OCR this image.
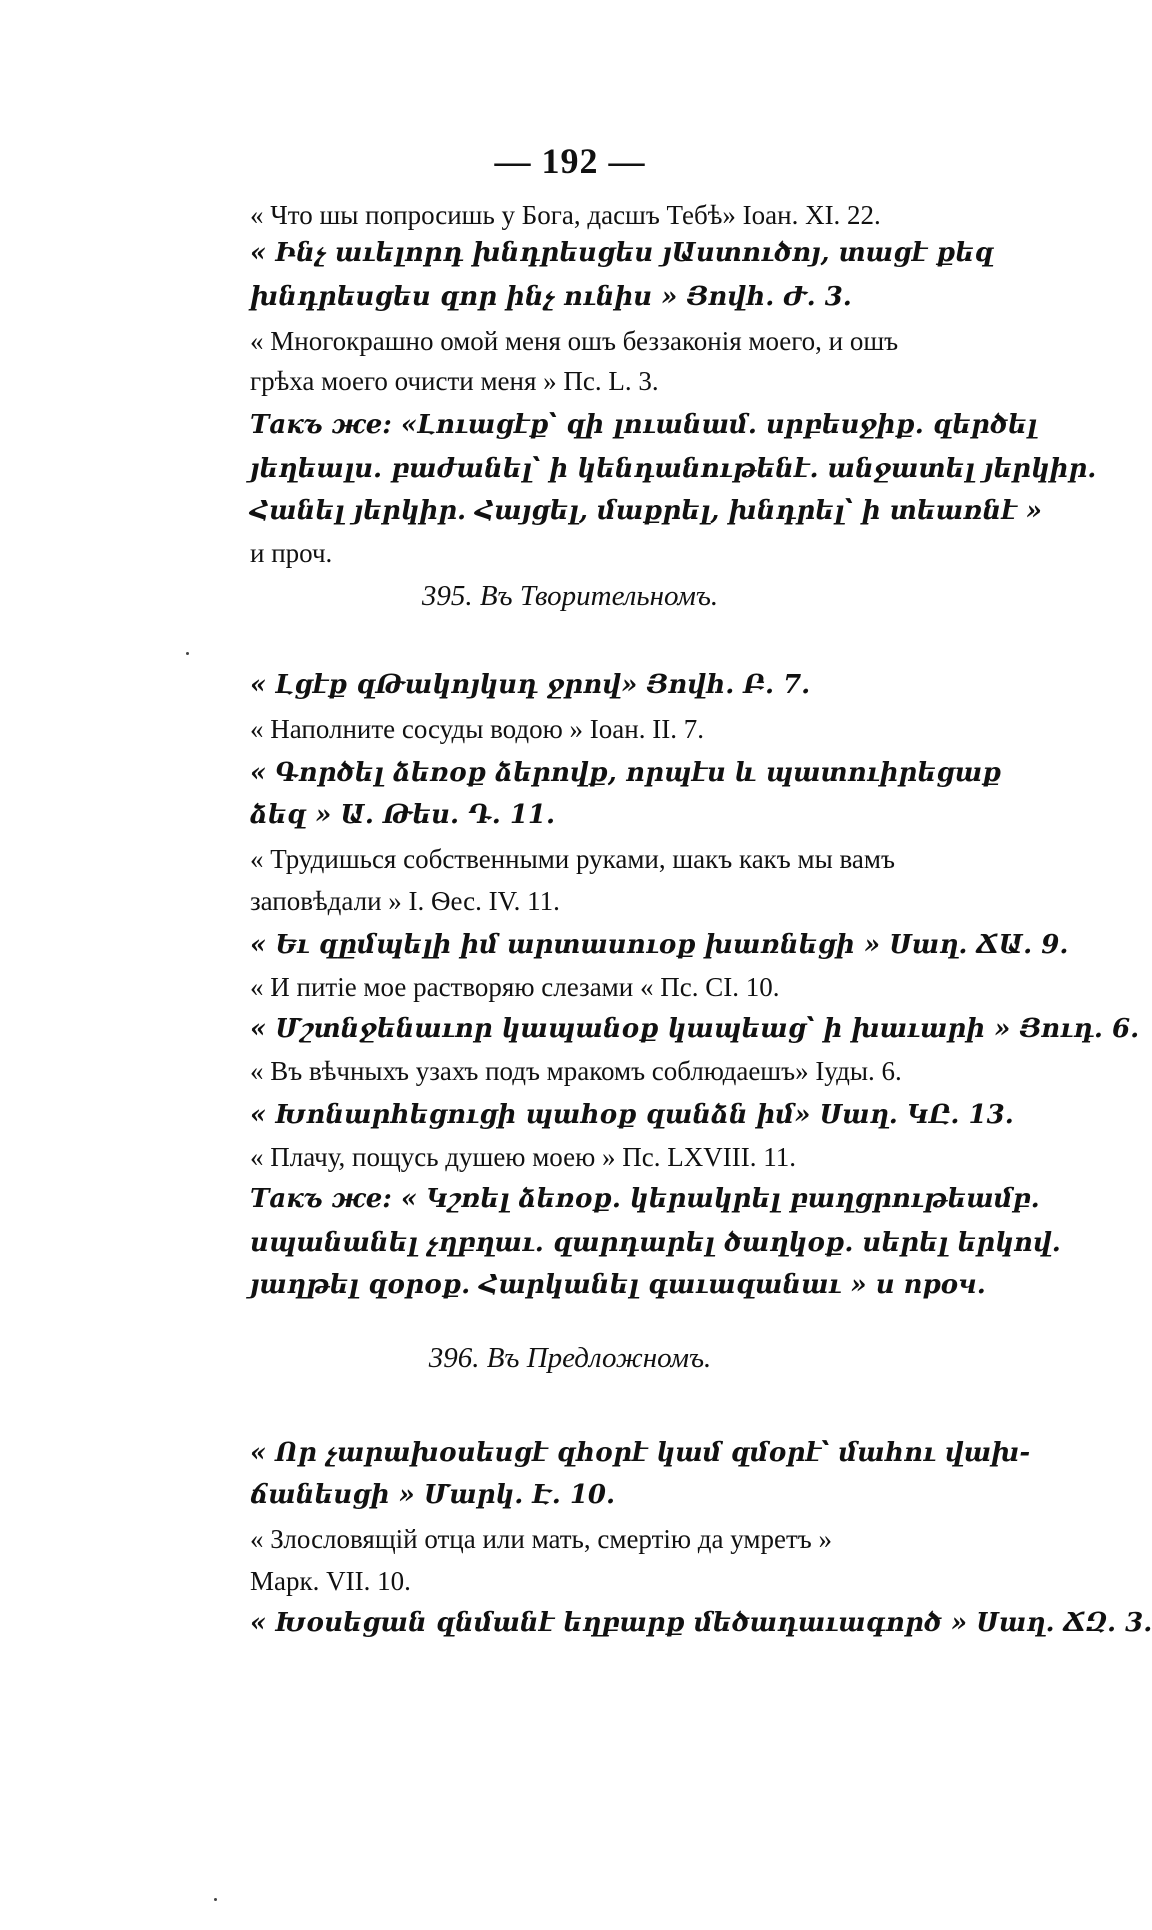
— 192 —
« Что шы попросишь у Бога, дасшъ Тебѣ» Іоан. XI. 22.
« Ինչ աւելորդ խնդրեսցես յԱստուծոյ, տացէ քեզ
խնդրեսցես զոր ինչ ունիս » Յովհ. Ժ. 3.
« Многокрашно омой меня ошъ беззаконія моего, и ошъ
грѣха моего очисти меня » Пс. L. 3.
Такъ же: «Լուացէք՝ զի լուանամ․ սրբեսջիք․ զերծել
յեղեալս․ բաժանել՝ ի կենդանութենէ․ անջատել յերկիր․
Հանել յերկիր․ Հայցել, մաքրել, խնդրել՝ ի տեառնէ »
и проч.
395. Въ Творительномъ.
« Լցէք զԹակոյկսդ ջրով» Յովհ. Բ. 7.
« Наполните сосуды водою » Іоан. II. 7.
« Գործել ձեռօք ձերովք, որպէս և պատուիրեցաք
ձեզ » Ա. Թես. Դ. 11.
« Трудишься собственными руками, шакъ какъ мы вамъ
заповѣдали » I. Ѳес. IV. 11.
« Եւ զըմպելի իմ արտասուօք խառնեցի » Սաղ. ՃԱ. 9.
« И питіе мое растворяю слезами « Пс. CI. 10.
« Մշտնջենաւոր կապանօք կապեաց՝ ի խաւարի » Յուդ. 6.
« Въ вѣчныхъ узахъ подъ мракомъ соблюдаешъ» Іуды. 6.
« Խոնարհեցուցի պահօք զանձն իմ» Սաղ. ԿԸ. 13.
« Плачу, пощусь душею моею » Пс. LXVIII. 11.
Такъ же: « Կշռել ձեռօք․ կերակրել բաղցրութեամբ․
սպանանել չղբղաւ․ զարդարել ծաղկօք․ սերել երկով․
յաղթել զօրօք․ Հարկանել գաւազանաւ » и проч.
396. Въ Предложномъ.
« Որ չարախօսեսցէ զհօրէ կամ զմօրէ՝ մահու վախ-
ճանեսցի » Մարկ. Է. 10.
« Злословящій отца или мать, смертію да умретъ »
Марк. VII. 10.
« Խօսեցան զնմանէ եղբարք մեծադաւագործ » Սաղ. ՃԶ. 3.
